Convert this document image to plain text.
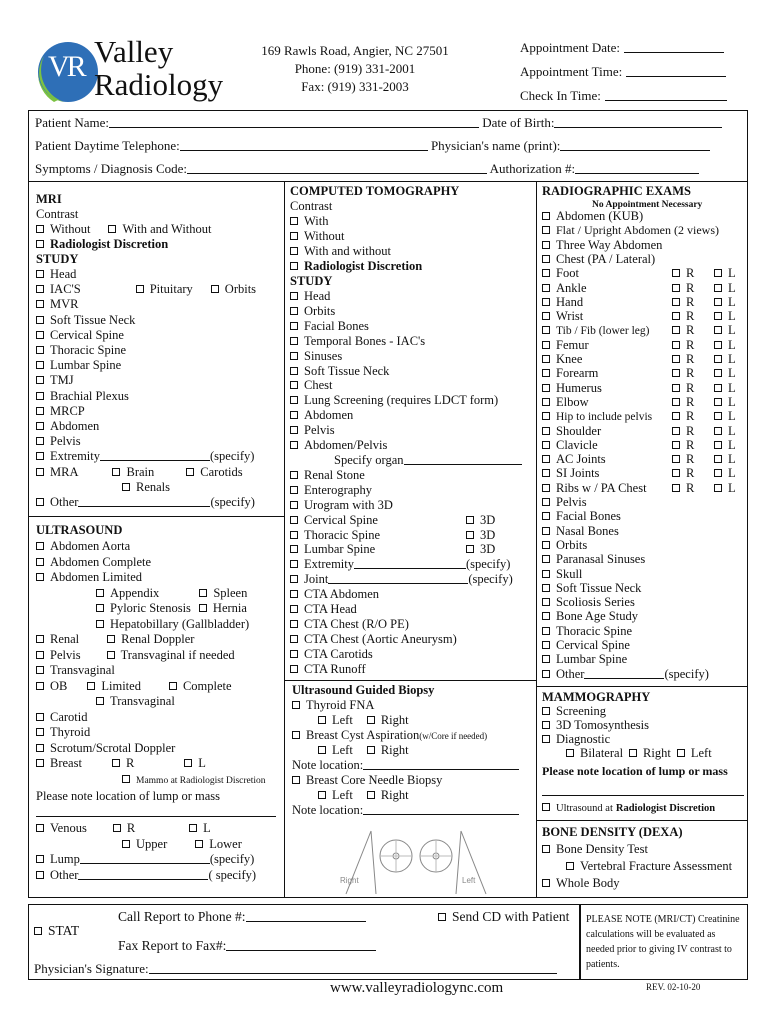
VR Valley
Radiology
169 Rawls Road, Angier, NC 27501
Phone: (919) 331-2001
Fax: (919) 331-2003
Appointment Date:
Appointment Time:
Check In Time:
Patient Name:	Date of Birth:
Patient Daytime Telephone:	Physician's name (print):
Symptoms / Diagnosis Code:	Authorization #:
Right	Left
Call Report to Phone #:	Send CD with Patient
STAT
Fax Report to Fax#:
Physician's Signature:
PLEASE NOTE (MRI/CT) Creatinine calculations will be evaluated as needed prior to giving IV contrast to patients.
www.valleyradiologync.com	REV. 02-10-20
MRI
Contrast
Without	With and Without
Radiologist Discretion
STUDY
Head
IAC'S	Pituitary	Orbits
MVR
Soft Tissue Neck
Cervical Spine
Thoracic Spine
Lumbar Spine
TMJ
Brachial Plexus
MRCP
Abdomen
Pelvis
Extremity	(specify)
MRA	Brain	Carotids
Renals
Other	(specify)
ULTRASOUND
Abdomen Aorta
Abdomen Complete
Abdomen Limited
Appendix	Spleen
Pyloric Stenosis Hernia
Hepatobillary (Gallbladder)
Renal	Renal Doppler
Pelvis	Transvaginal if needed
Transvaginal
OB	Limited	Complete
Transvaginal
Carotid
Thyroid
Scrotum/Scrotal Doppler
Breast	R	L
Mammo at Radiologist Discretion
Please note location of lump or mass
Venous	R	L
Upper	Lower
Lump	(specify)
Other	( specify)
COMPUTED TOMOGRAPHY
Contrast
With
Without
With and without
Radiologist Discretion
STUDY
Head
Orbits
Facial Bones
Temporal Bones - IAC's
Sinuses
Soft Tissue Neck
Chest
Lung Screening (requires LDCT form)
Abdomen
Pelvis
Abdomen/Pelvis
Specify organ
Renal Stone
Enterography
Urogram with 3D
Cervical Spine	3D
Thoracic Spine	3D
Lumbar Spine	3D
Extremity	(specify)
Joint	(specify)
CTA Abdomen
CTA Head
CTA Chest (R/O PE)
CTA Chest (Aortic Aneurysm)
CTA Carotids
CTA Runoff
Ultrasound Guided Biopsy
Thyroid FNA
Left Right
Breast Cyst Aspiration(w/Core if needed)
Left Right
Note location:
Breast Core Needle Biopsy
Left Right
Note location:
RADIOGRAPHIC EXAMS
No Appointment Necessary
Abdomen (KUB)
Flat / Upright Abdomen (2 views)
Three Way Abdomen
Chest (PA / Lateral)
Foot	R	L
Ankle	R	L
Hand	R	L
Wrist	R	L
Tib / Fib (lower leg)	R	L
Femur	R	L
Knee	R	L
Forearm	R	L
Humerus	R	L
Elbow	R	L
Hip to include pelvis	R	L
Shoulder	R	L
Clavicle	R	L
AC Joints	R	L
SI Joints	R	L
Ribs w / PA Chest	R	L
Pelvis
Facial Bones
Nasal Bones
Orbits
Paranasal Sinuses
Skull
Soft Tissue Neck
Scoliosis Series
Bone Age Study
Thoracic Spine
Cervical Spine
Lumbar Spine
Other	(specify)
MAMMOGRAPHY
Screening
3D Tomosynthesis
Diagnostic
Bilateral Right Left
Please note location of lump or mass
Ultrasound at Radiologist Discretion
BONE DENSITY (DEXA)
Bone Density Test
Vertebral Fracture Assessment
Whole Body
